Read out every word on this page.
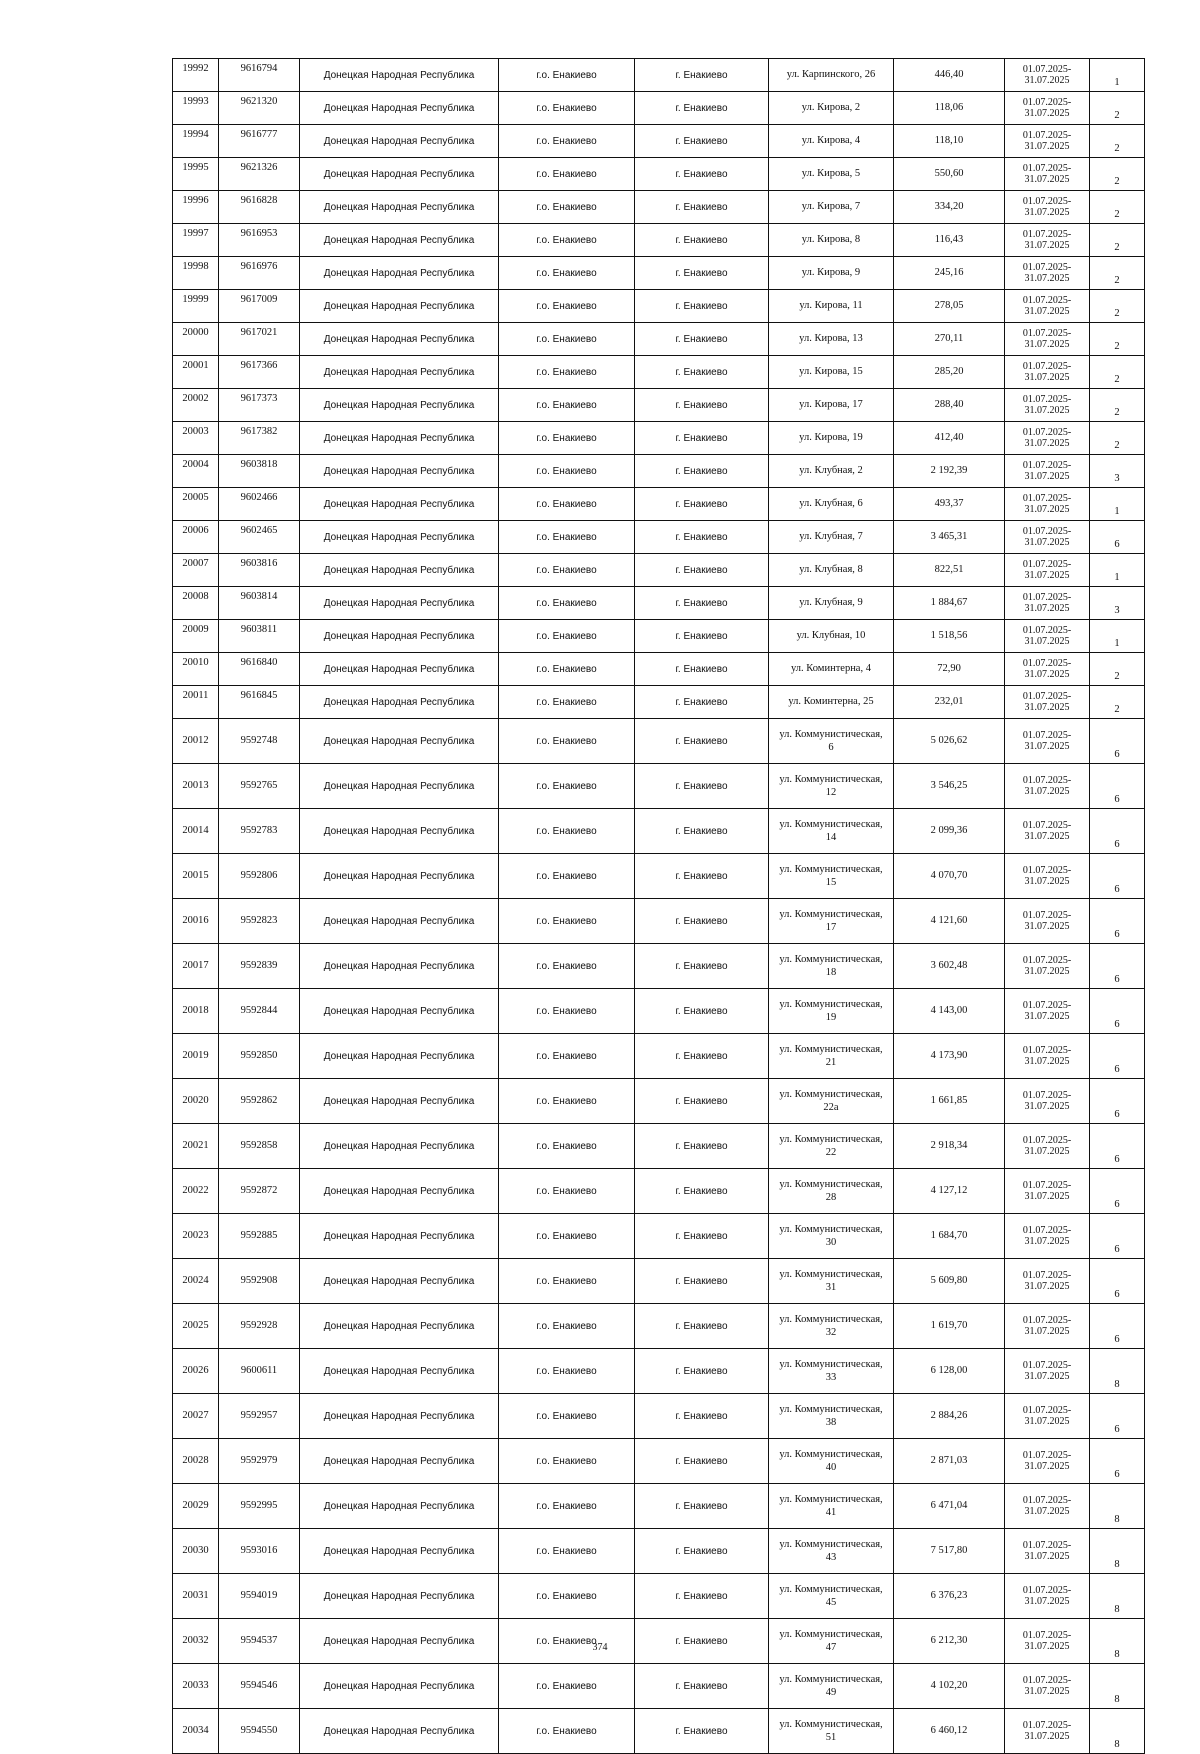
19992	9616794	Донецкая Народная Республика	г.о. Енакиево	г. Енакиево	ул. Карпинского, 26	446,40	01.07.2025-
31.07.2025	1
19993	9621320	Донецкая Народная Республика	г.о. Енакиево	г. Енакиево	ул. Кирова, 2	118,06	01.07.2025-
31.07.2025	2
19994	9616777	Донецкая Народная Республика	г.о. Енакиево	г. Енакиево	ул. Кирова, 4	118,10	01.07.2025-
31.07.2025	2
19995	9621326	Донецкая Народная Республика	г.о. Енакиево	г. Енакиево	ул. Кирова, 5	550,60	01.07.2025-
31.07.2025	2
19996	9616828	Донецкая Народная Республика	г.о. Енакиево	г. Енакиево	ул. Кирова, 7	334,20	01.07.2025-
31.07.2025	2
19997	9616953	Донецкая Народная Республика	г.о. Енакиево	г. Енакиево	ул. Кирова, 8	116,43	01.07.2025-
31.07.2025	2
19998	9616976	Донецкая Народная Республика	г.о. Енакиево	г. Енакиево	ул. Кирова, 9	245,16	01.07.2025-
31.07.2025	2
19999	9617009	Донецкая Народная Республика	г.о. Енакиево	г. Енакиево	ул. Кирова, 11	278,05	01.07.2025-
31.07.2025	2
20000	9617021	Донецкая Народная Республика	г.о. Енакиево	г. Енакиево	ул. Кирова, 13	270,11	01.07.2025-
31.07.2025	2
20001	9617366	Донецкая Народная Республика	г.о. Енакиево	г. Енакиево	ул. Кирова, 15	285,20	01.07.2025-
31.07.2025	2
20002	9617373	Донецкая Народная Республика	г.о. Енакиево	г. Енакиево	ул. Кирова, 17	288,40	01.07.2025-
31.07.2025	2
20003	9617382	Донецкая Народная Республика	г.о. Енакиево	г. Енакиево	ул. Кирова, 19	412,40	01.07.2025-
31.07.2025	2
20004	9603818	Донецкая Народная Республика	г.о. Енакиево	г. Енакиево	ул. Клубная, 2	2 192,39	01.07.2025-
31.07.2025	3
20005	9602466	Донецкая Народная Республика	г.о. Енакиево	г. Енакиево	ул. Клубная, 6	493,37	01.07.2025-
31.07.2025	1
20006	9602465	Донецкая Народная Республика	г.о. Енакиево	г. Енакиево	ул. Клубная, 7	3 465,31	01.07.2025-
31.07.2025	6
20007	9603816	Донецкая Народная Республика	г.о. Енакиево	г. Енакиево	ул. Клубная, 8	822,51	01.07.2025-
31.07.2025	1
20008	9603814	Донецкая Народная Республика	г.о. Енакиево	г. Енакиево	ул. Клубная, 9	1 884,67	01.07.2025-
31.07.2025	3
20009	9603811	Донецкая Народная Республика	г.о. Енакиево	г. Енакиево	ул. Клубная, 10	1 518,56	01.07.2025-
31.07.2025	1
20010	9616840	Донецкая Народная Республика	г.о. Енакиево	г. Енакиево	ул. Коминтерна, 4	72,90	01.07.2025-
31.07.2025	2
20011	9616845	Донецкая Народная Республика	г.о. Енакиево	г. Енакиево	ул. Коминтерна, 25	232,01	01.07.2025-
31.07.2025	2
20012	9592748	Донецкая Народная Республика	г.о. Енакиево	г. Енакиево	ул. Коммунистическая,
6	5 026,62	01.07.2025-
31.07.2025	6
20013	9592765	Донецкая Народная Республика	г.о. Енакиево	г. Енакиево	ул. Коммунистическая,
12	3 546,25	01.07.2025-
31.07.2025	6
20014	9592783	Донецкая Народная Республика	г.о. Енакиево	г. Енакиево	ул. Коммунистическая,
14	2 099,36	01.07.2025-
31.07.2025	6
20015	9592806	Донецкая Народная Республика	г.о. Енакиево	г. Енакиево	ул. Коммунистическая,
15	4 070,70	01.07.2025-
31.07.2025	6
20016	9592823	Донецкая Народная Республика	г.о. Енакиево	г. Енакиево	ул. Коммунистическая,
17	4 121,60	01.07.2025-
31.07.2025	6
20017	9592839	Донецкая Народная Республика	г.о. Енакиево	г. Енакиево	ул. Коммунистическая,
18	3 602,48	01.07.2025-
31.07.2025	6
20018	9592844	Донецкая Народная Республика	г.о. Енакиево	г. Енакиево	ул. Коммунистическая,
19	4 143,00	01.07.2025-
31.07.2025	6
20019	9592850	Донецкая Народная Республика	г.о. Енакиево	г. Енакиево	ул. Коммунистическая,
21	4 173,90	01.07.2025-
31.07.2025	6
20020	9592862	Донецкая Народная Республика	г.о. Енакиево	г. Енакиево	ул. Коммунистическая,
22а	1 661,85	01.07.2025-
31.07.2025	6
20021	9592858	Донецкая Народная Республика	г.о. Енакиево	г. Енакиево	ул. Коммунистическая,
22	2 918,34	01.07.2025-
31.07.2025	6
20022	9592872	Донецкая Народная Республика	г.о. Енакиево	г. Енакиево	ул. Коммунистическая,
28	4 127,12	01.07.2025-
31.07.2025	6
20023	9592885	Донецкая Народная Республика	г.о. Енакиево	г. Енакиево	ул. Коммунистическая,
30	1 684,70	01.07.2025-
31.07.2025	6
20024	9592908	Донецкая Народная Республика	г.о. Енакиево	г. Енакиево	ул. Коммунистическая,
31	5 609,80	01.07.2025-
31.07.2025	6
20025	9592928	Донецкая Народная Республика	г.о. Енакиево	г. Енакиево	ул. Коммунистическая,
32	1 619,70	01.07.2025-
31.07.2025	6
20026	9600611	Донецкая Народная Республика	г.о. Енакиево	г. Енакиево	ул. Коммунистическая,
33	6 128,00	01.07.2025-
31.07.2025	8
20027	9592957	Донецкая Народная Республика	г.о. Енакиево	г. Енакиево	ул. Коммунистическая,
38	2 884,26	01.07.2025-
31.07.2025	6
20028	9592979	Донецкая Народная Республика	г.о. Енакиево	г. Енакиево	ул. Коммунистическая,
40	2 871,03	01.07.2025-
31.07.2025	6
20029	9592995	Донецкая Народная Республика	г.о. Енакиево	г. Енакиево	ул. Коммунистическая,
41	6 471,04	01.07.2025-
31.07.2025	8
20030	9593016	Донецкая Народная Республика	г.о. Енакиево	г. Енакиево	ул. Коммунистическая,
43	7 517,80	01.07.2025-
31.07.2025	8
20031	9594019	Донецкая Народная Республика	г.о. Енакиево	г. Енакиево	ул. Коммунистическая,
45	6 376,23	01.07.2025-
31.07.2025	8
20032	9594537	Донецкая Народная Республика	г.о. Енакиево	г. Енакиево	ул. Коммунистическая,
47	6 212,30	01.07.2025-
31.07.2025	8
20033	9594546	Донецкая Народная Республика	г.о. Енакиево	г. Енакиево	ул. Коммунистическая,
49	4 102,20	01.07.2025-
31.07.2025	8
20034	9594550	Донецкая Народная Республика	г.о. Енакиево	г. Енакиево	ул. Коммунистическая,
51	6 460,12	01.07.2025-
31.07.2025	8
374
